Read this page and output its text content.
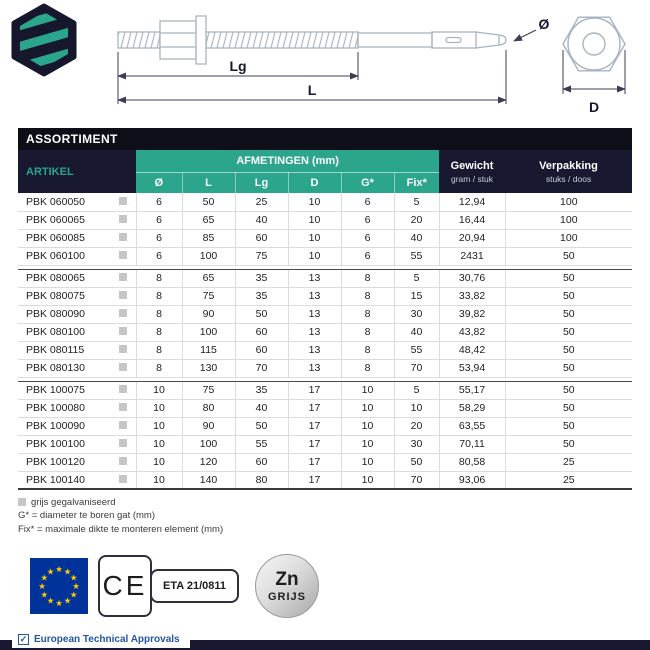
Lg
L
Ø
D
ASSORTIMENT
ARTIKEL	AFMETINGEN (mm)	Gewicht
gram / stuk

Verpakking
stuks / doos

		Ø	L	Lg	D	G*	Fix*		
PBK 060050		6	50	25	10	6	5	12,94	100
PBK 060065		6	65	40	10	6	20	16,44	100
PBK 060085		6	85	60	10	6	40	20,94	100
PBK 060100		6	100	75	10	6	55	2431	50

PBK 080065		8	65	35	13	8	5	30,76	50
PBK 080075		8	75	35	13	8	15	33,82	50
PBK 080090		8	90	50	13	8	30	39,82	50
PBK 080100		8	100	60	13	8	40	43,82	50
PBK 080115		8	115	60	13	8	55	48,42	50
PBK 080130		8	130	70	13	8	70	53,94	50

PBK 100075		10	75	35	17	10	5	55,17	50
PBK 100080		10	80	40	17	10	10	58,29	50
PBK 100090		10	90	50	17	10	20	63,55	50
PBK 100100		10	100	55	17	10	30	70,11	50
PBK 100120		10	120	60	17	10	50	80,58	25
PBK 100140		10	140	80	17	10	70	93,06	25
grijs gegalvaniseerd
G* = diameter te boren gat (mm)
Fix* = maximale dikte te monteren element (mm)
★ ★
★
★
★
★
★
★
★
★
★
★ CE ETA 21/0811	Zn
GRIJS
✓ European Technical Approvals
